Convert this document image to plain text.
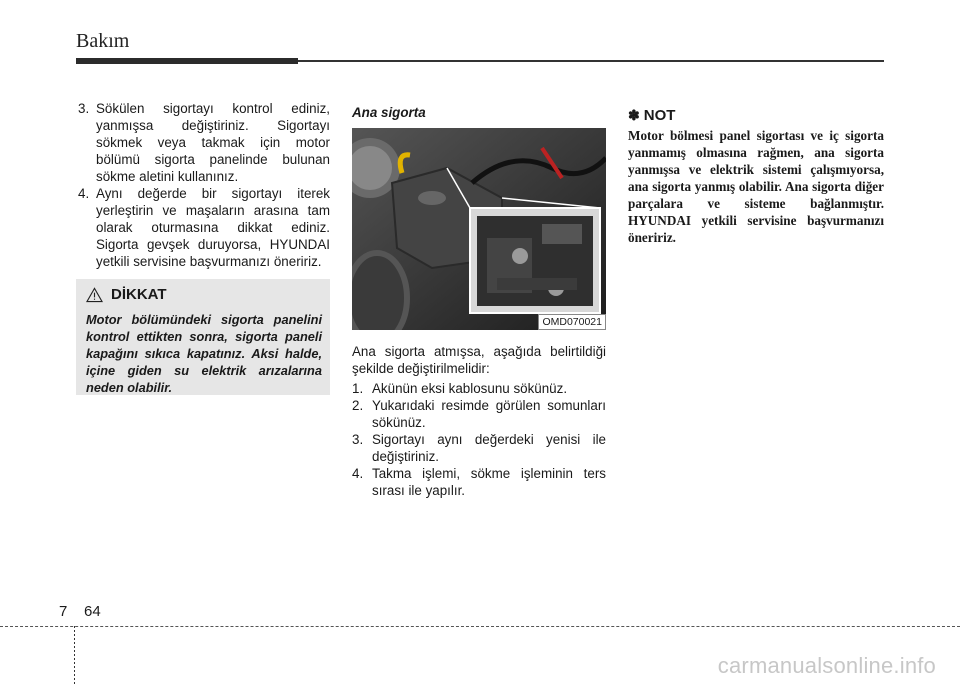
Bakım
3. Sökülen sigortayı kontrol ediniz, yanmışsa değiştiriniz. Sigortayı sökmek veya takmak için motor bölümü sigorta panelinde bulunan sökme aletini kullanınız.
4. Aynı değerde bir sigortayı iterek yerleştirin ve maşaların arasına tam olarak oturmasına dikkat ediniz. Sigorta gevşek duruyorsa, HYUNDAI yetkili servisine başvurmanızı öneririz.
DİKKAT
Motor bölümündeki sigorta panelini kontrol ettikten sonra, sigorta paneli kapağını sıkıca kapatınız. Aksi halde, içine giden su elektrik arızalarına neden olabilir.
Ana sigorta
OMD070021

Ana sigorta atmışsa, aşağıda belirtildiği şekilde değiştirilmelidir:

1. Akünün eksi kablosunu sökünüz.
2. Yukarıdaki resimde görülen somunları sökünüz.
3. Sigortayı aynı değerdeki yenisi ile değiştiriniz.
4. Takma işlemi, sökme işleminin ters sırası ile yapılır.
✽ NOT
Motor bölmesi panel sigortası ve iç sigorta yanmamış olmasına rağmen, ana sigorta yanmışsa ve elektrik sistemi çalışmıyorsa, ana sigorta yanmış olabilir. Ana sigorta diğer parçalara ve sisteme bağlanmıştır. HYUNDAI yetkili servisine başvurmanızı öneririz.
7 64
carmanualsonline.info
